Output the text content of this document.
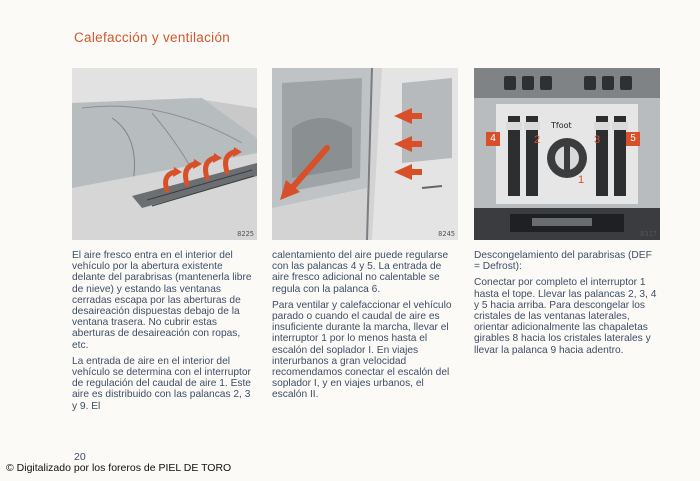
Calefacción y ventilación
8225	8245
Tfoot
4	2	3	5
1
8317

El aire fresco entra en el interior del vehículo por la abertura existente delante del parabrisas (mantenerla libre de nieve) y estando las ventanas cerradas escapa por las aberturas de desaireación dispuestas debajo de la ventana trasera. No cubrir estas aberturas de desaireación con ropas, etc.

La entrada de aire en el interior del vehículo se determina con el interruptor de regulación del caudal de aire 1. Este aire es distribuido con las palancas 2, 3 y 9. El

calentamiento del aire puede regularse con las palancas 4 y 5. La entrada de aire fresco adicional no calentable se regula con la palanca 6.

Para ventilar y calefaccionar el vehículo parado o cuando el caudal de aire es insuficiente durante la marcha, llevar el interruptor 1 por lo menos hasta el escalón del soplador I. En viajes interurbanos a gran velocidad recomendamos conectar el escalón del soplador I, y en viajes urbanos, el escalón II.

Descongelamiento del parabrisas (DEF = Defrost):

Conectar por completo el interruptor 1 hasta el tope. Llevar las palancas 2, 3, 4 y 5 hacia arriba. Para descongelar los cristales de las ventanas laterales, orientar adicionalmente las chapaletas girables 8 hacia los cristales laterales y llevar la palanca 9 hacia adentro.

20
© Digitalizado por los foreros de PIEL DE TORO
